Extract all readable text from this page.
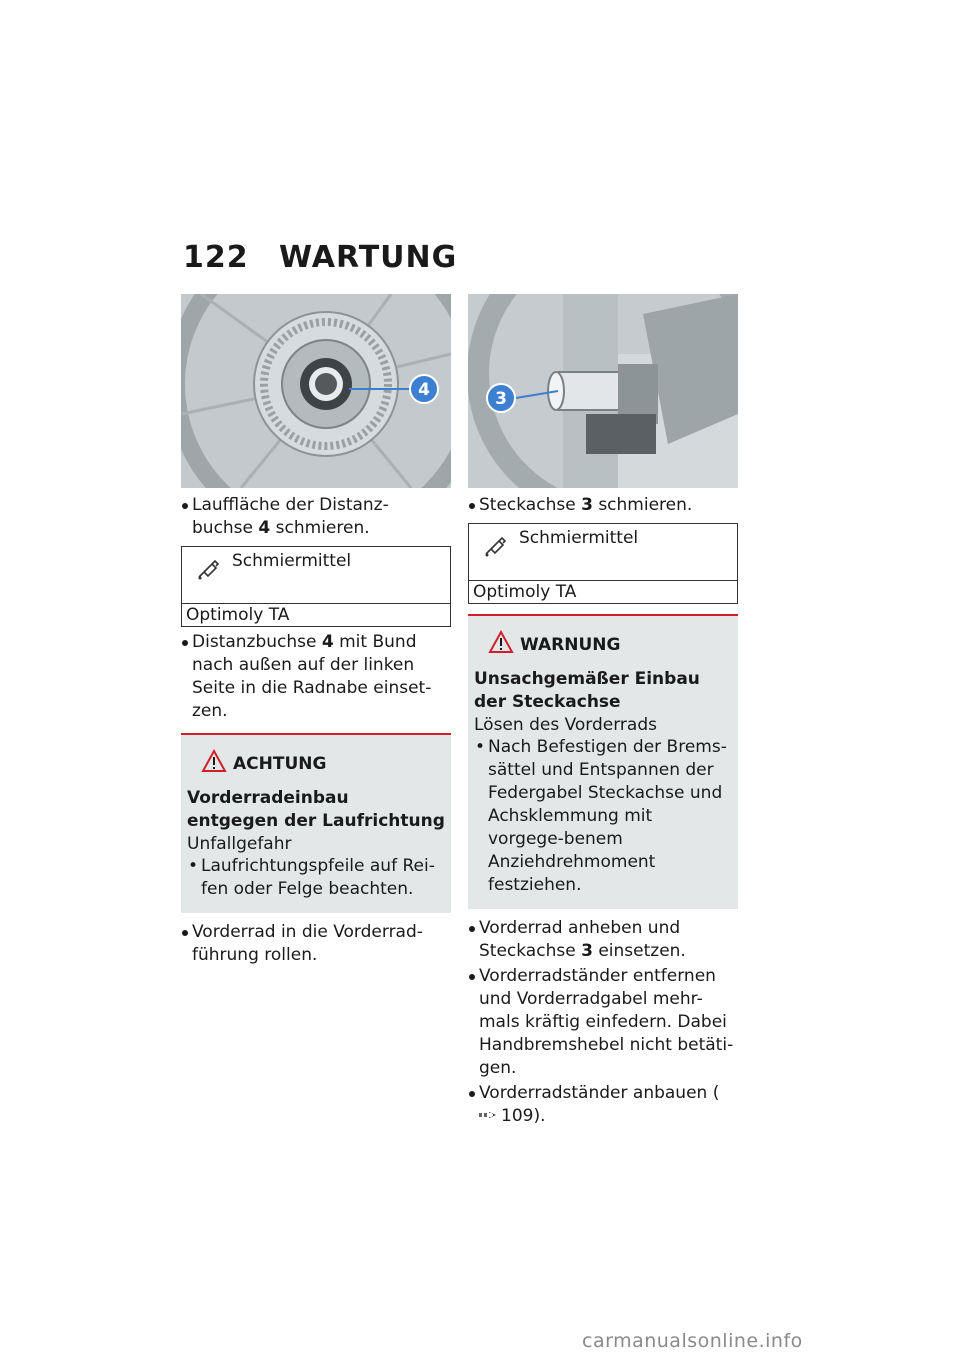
122 WARTUNG
4
Lauffläche der Distanz-
buchse 4 schmieren.
Schmiermittel
Optimoly TA
Distanzbuchse 4 mit Bund nach außen auf der linken Seite in die Radnabe einset-zen.
ACHTUNG
Vorderradeinbau entgegen der Laufrichtung
Unfallgefahr
• Laufrichtungspfeile auf Rei-fen oder Felge beachten.
Vorderrad in die Vorderrad-führung rollen.
3
Steckachse 3 schmieren.
Schmiermittel
Optimoly TA
WARNUNG
Unsachgemäßer Einbau der Steckachse
Lösen des Vorderrads
• Nach Befestigen der Brems-sättel und Entspannen der Federgabel Steckachse und Achsklemmung mit vorgege-benem Anziehdrehmoment festziehen.
Vorderrad anheben und Steckachse 3 einsetzen.
Vorderradständer entfernen und Vorderradgabel mehr-mals kräftig einfedern. Dabei Handbremshebel nicht betäti-gen.
Vorderradständer anbauen (109).
carmanualsonline.info
